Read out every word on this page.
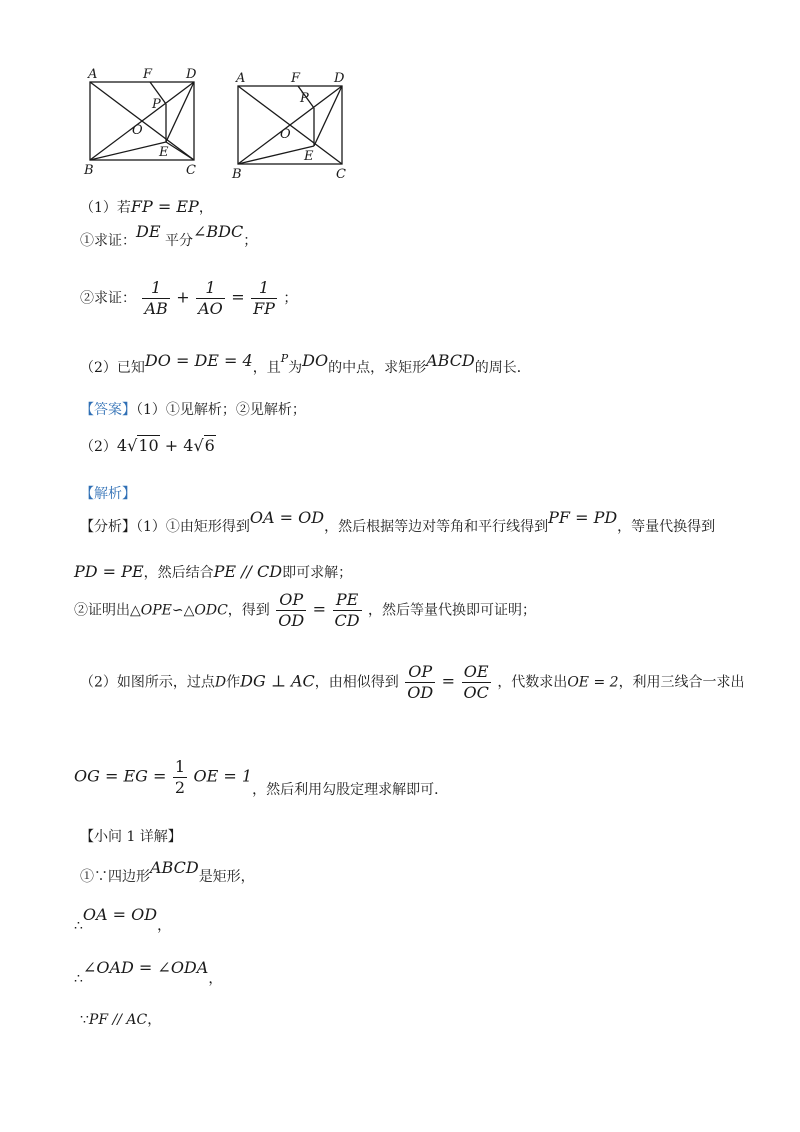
A	F	D
P
O
E
B	C
A	F	D
P
O
E
B	C
（1）若FP = EP，
①求证：DE 平分∠BDC；
②求证： $\frac{1}{AB} + \frac{1}{AO} = \frac{1}{FP}$ ；
（2）已知DO = DE = 4，且$^P$为DO的中点，求矩形ABCD的周长．
【答案】（1）①见解析；②见解析；
（2）4√10 + 4√6
【解析】
【分析】（1）①由矩形得到OA = OD，然后根据等边对等角和平行线得到PF = PD，等量代换得到
PD = PE，然后结合PE // CD即可求解；
②证明出△OPE∽△ODC，得到 $\frac{OP}{OD} = \frac{PE}{CD}$ ，然后等量代换即可证明；
（2）如图所示，过点D作DG ⊥ AC，由相似得到 $\frac{OP}{OD} = \frac{OE}{OC}$ ，代数求出OE = 2，利用三线合一求出
OG = EG = $\frac{1}{2}$ OE = 1，然后利用勾股定理求解即可．
【小问 1 详解】
①∵四边形ABCD是矩形，
∴OA = OD，
∴∠OAD = ∠ODA，
∵PF // AC，
